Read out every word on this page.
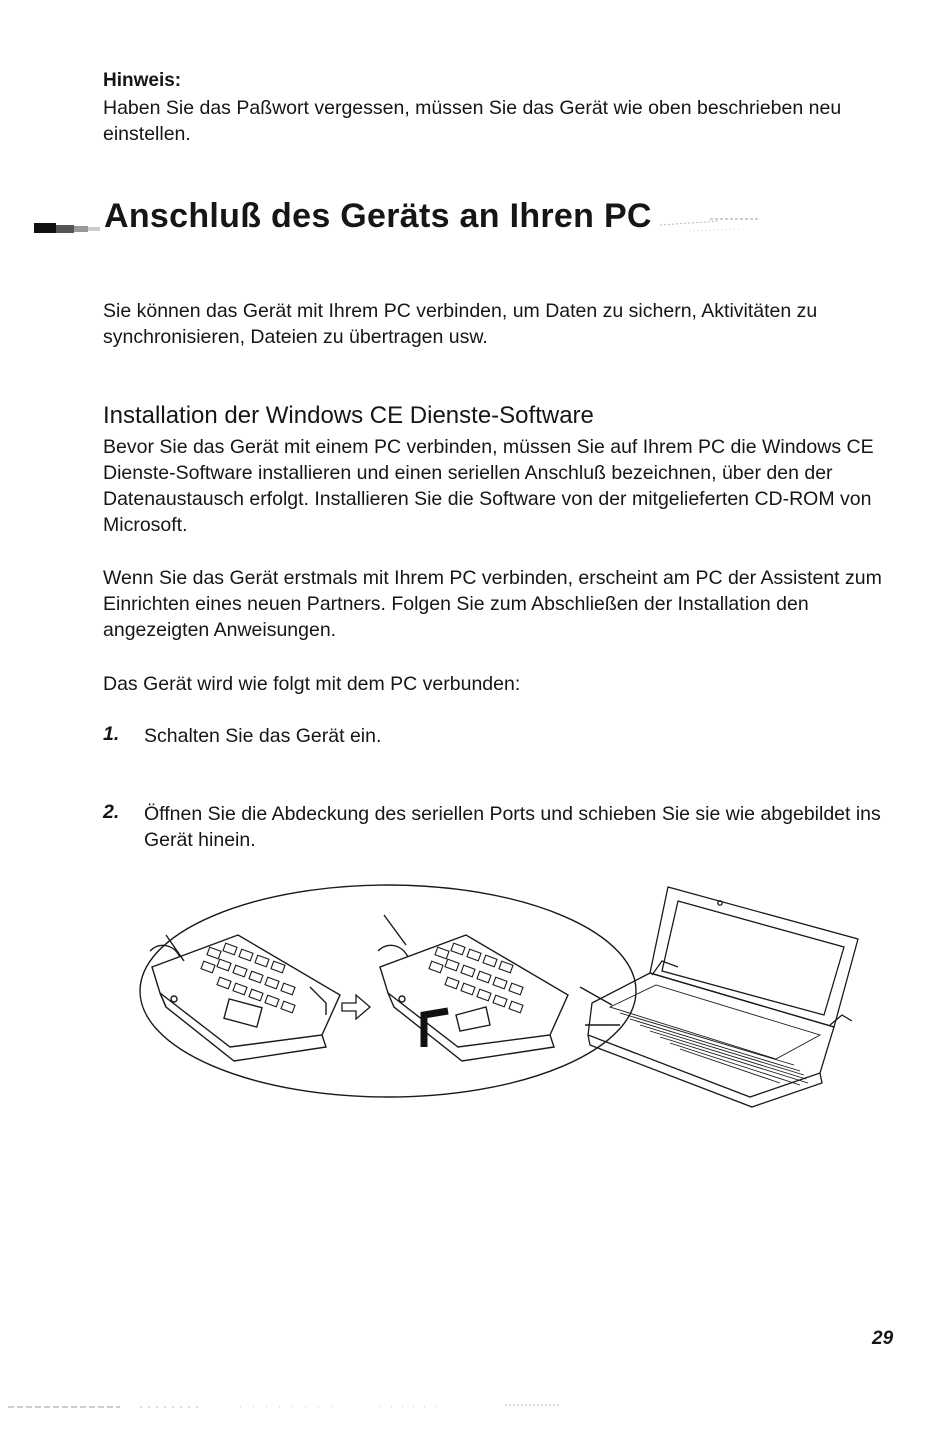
Hinweis:

Haben Sie das Paßwort vergessen, müssen Sie das Gerät wie oben beschrieben neu einstellen.

Anschluß des Geräts an Ihren PC

Sie können das Gerät mit Ihrem PC verbinden, um Daten zu sichern, Aktivitäten zu synchronisieren, Dateien zu übertragen usw.

Installation der Windows CE Dienste-Software

Bevor Sie das Gerät mit einem PC verbinden, müssen Sie auf Ihrem PC die Windows CE Dienste-Software installieren und einen seriellen Anschluß bezeichnen, über den der Datenaustausch erfolgt. Installieren Sie die Software von der mitgelieferten CD-ROM von Microsoft.

Wenn Sie das Gerät erstmals mit Ihrem PC verbinden, erscheint am PC der Assistent zum Einrichten eines neuen Partners. Folgen Sie zum Abschließen der Installation den angezeigten Anweisungen.

Das Gerät wird wie folgt mit dem PC verbunden:

1. Schalten Sie das Gerät ein.
2. Öffnen Sie die Abdeckung des seriellen Ports und schieben Sie sie wie abgebildet ins Gerät hinein.

29
